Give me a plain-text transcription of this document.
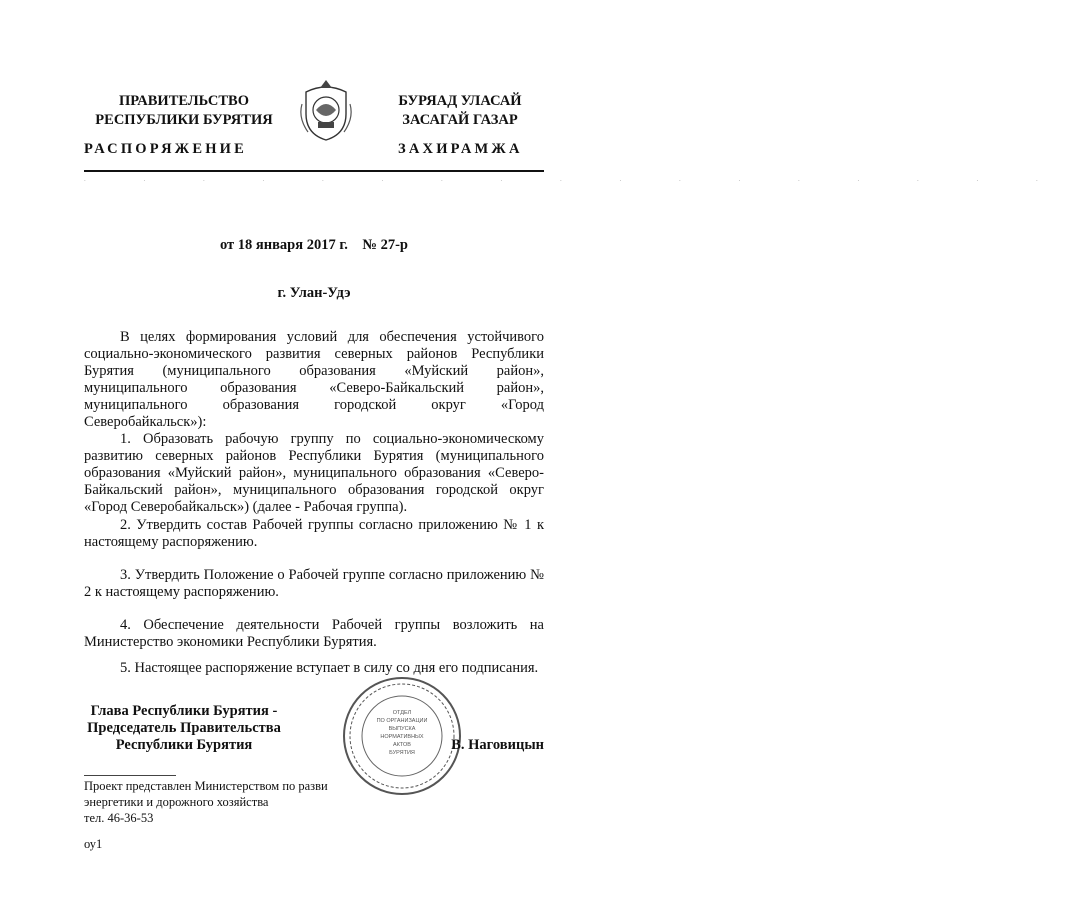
ПРАВИТЕЛЬСТВО
РЕСПУБЛИКИ БУРЯТИЯ
БУРЯАД УЛАСАЙ
ЗАСАГАЙ ГАЗАР
РАСПОРЯЖЕНИЕ	ЗАХИРАМЖА
. . . . . . . . . . . . . . . . .
от 18 января 2017 г.    № 27-р
г. Улан-Удэ
В целях формирования условий для обеспечения устойчивого социально-экономического развития северных районов Республики Бурятия (муниципального образования «Муйский район», муниципального образования «Северо-Байкальский район», муниципального образования городской округ «Город Северобайкальск»):
1. Образовать рабочую группу по социально-экономическому развитию северных районов Республики Бурятия (муниципального образования «Муйский район», муниципального образования «Северо-Байкальский район», муниципального образования городской округ «Город Северобайкальск») (далее - Рабочая группа).
2. Утвердить состав Рабочей группы согласно приложению № 1 к настоящему распоряжению.
3. Утвердить Положение о Рабочей группе согласно приложению № 2 к настоящему распоряжению.
4. Обеспечение деятельности Рабочей группы возложить на Министерство экономики Республики Бурятия.
5. Настоящее распоряжение вступает в силу со дня его подписания.
Глава Республики Бурятия -
Председатель Правительства
Республики Бурятия
ОТДЕЛ
ПО ОРГАНИЗАЦИИ
ВЫПУСКА
НОРМАТИВНЫХ
АКТОВ
БУРЯТИЯ	В. Наговицын
Проект представлен Министерством по разви
энергетики и дорожного хозяйства
тел. 46-36-53
оу1
